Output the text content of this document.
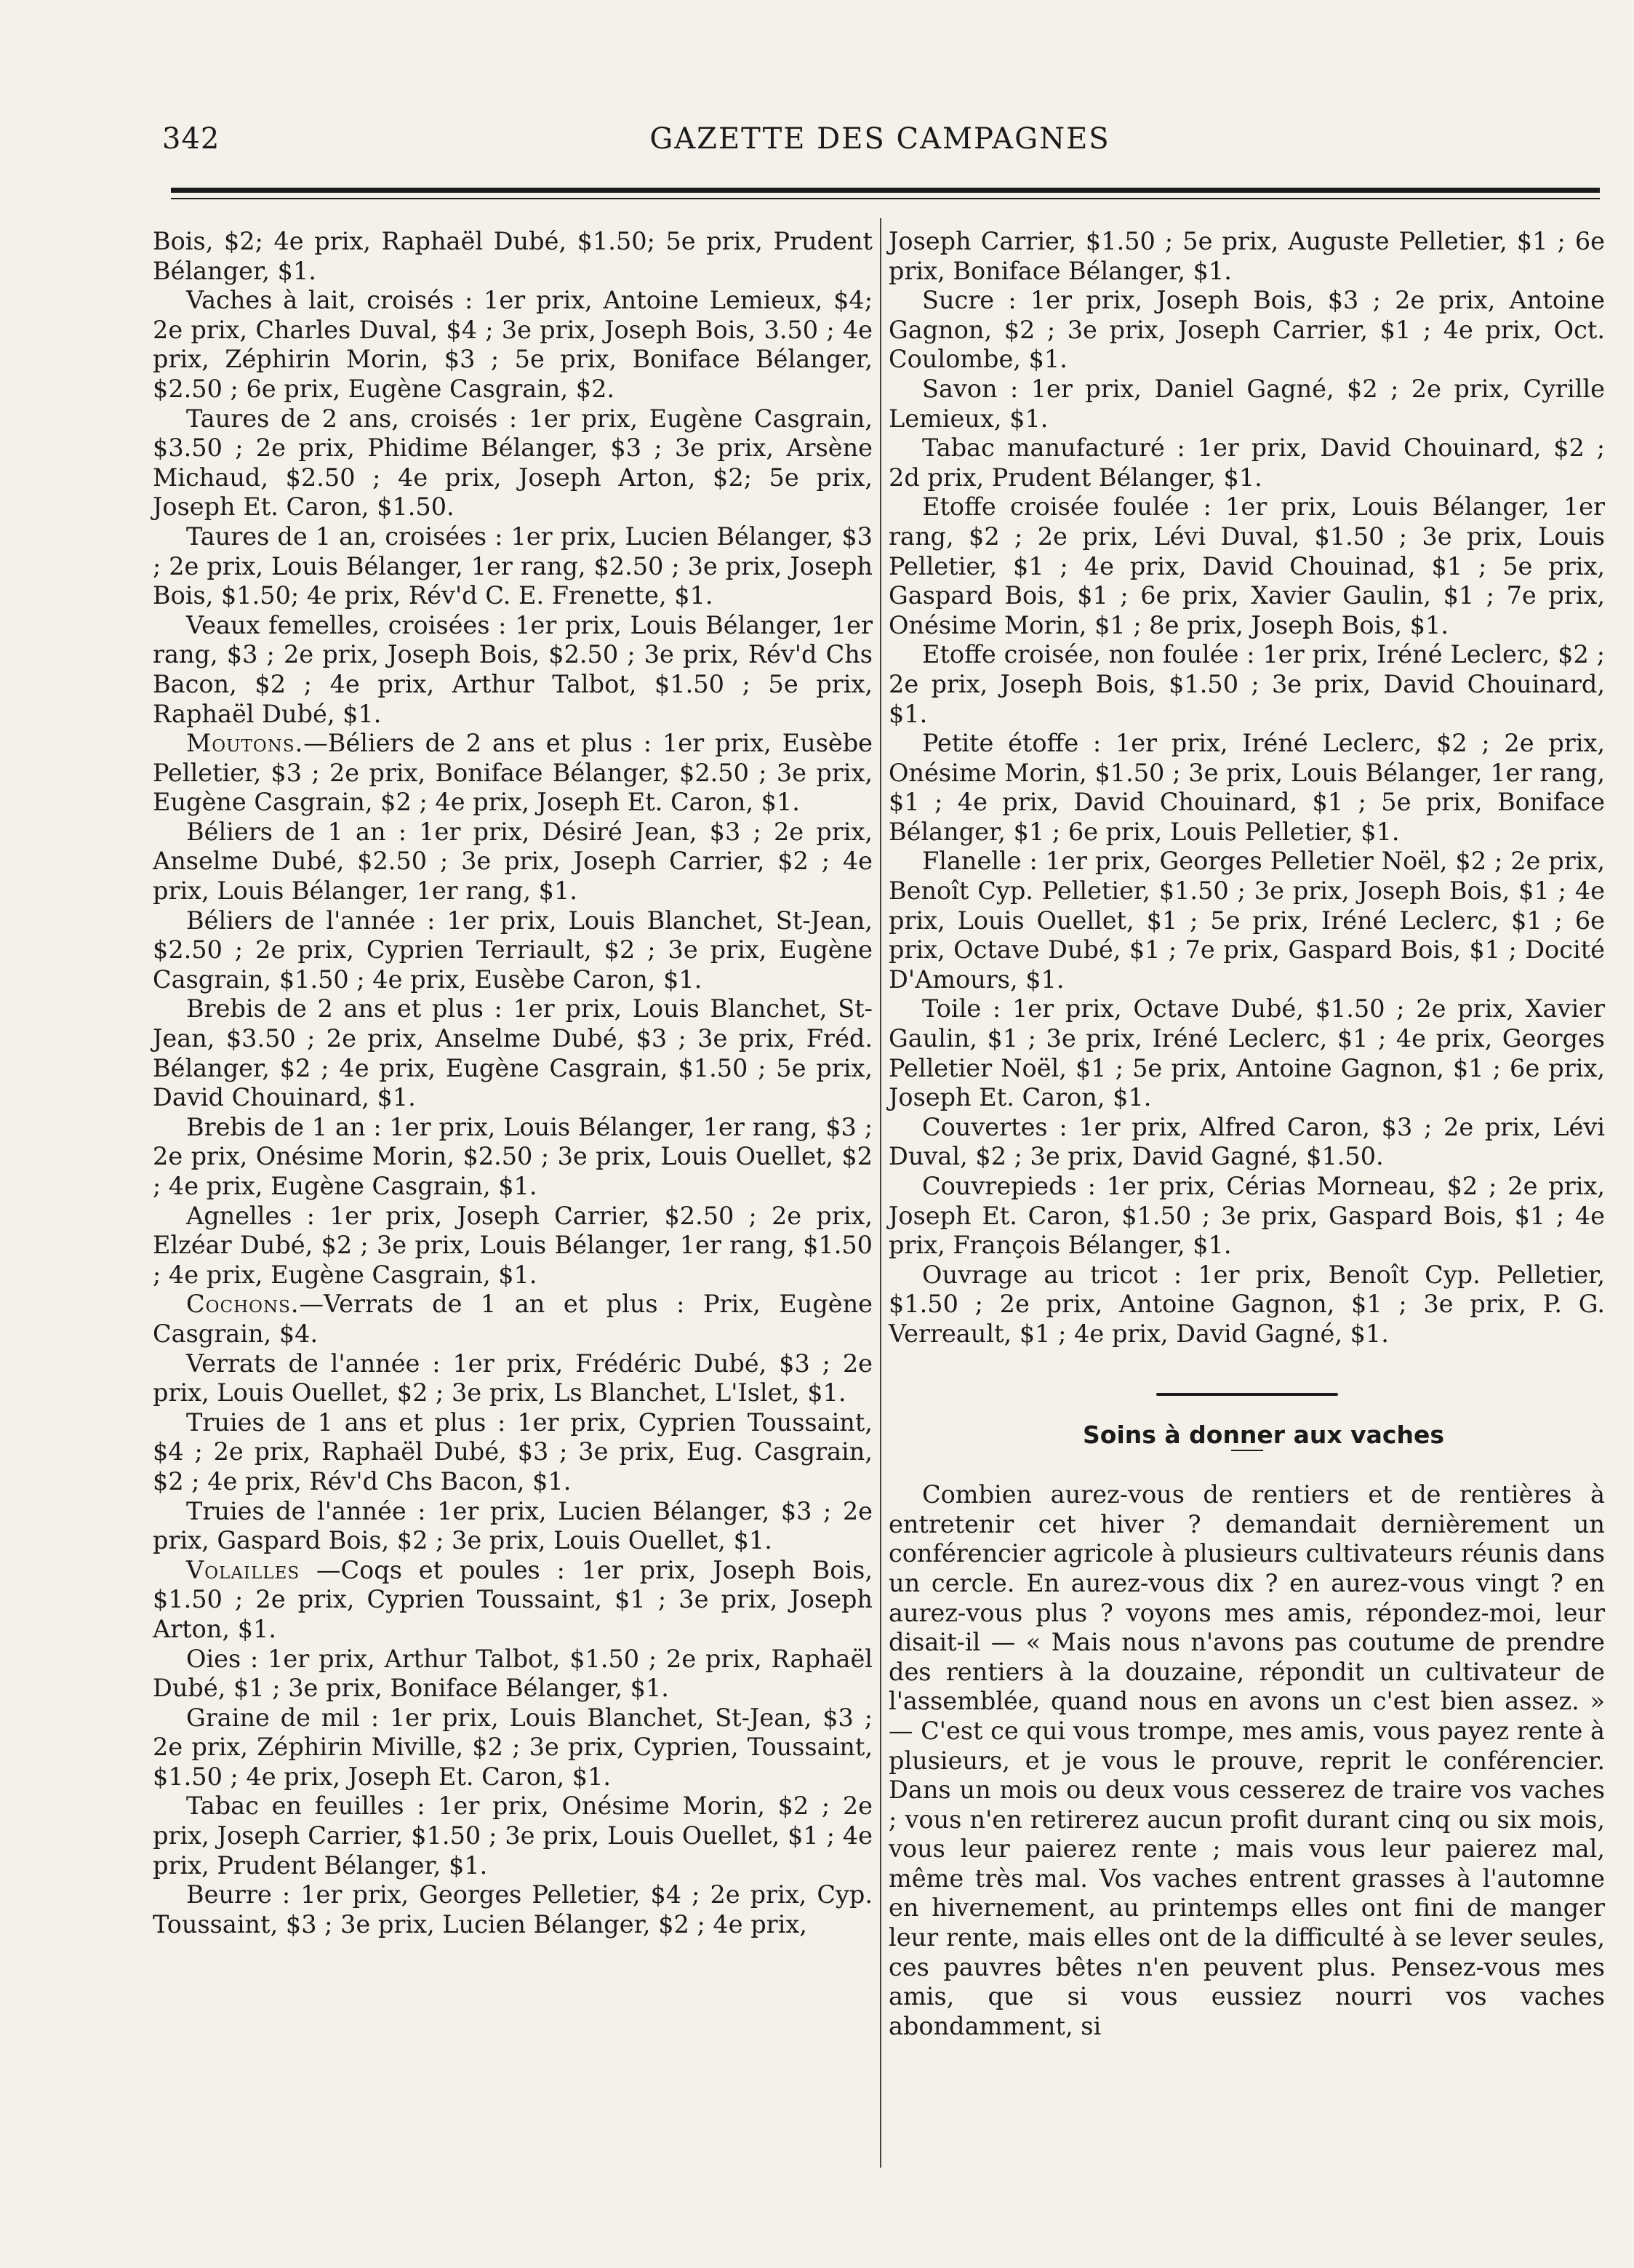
342	GAZETTE DES CAMPAGNES

Bois, $2; 4e prix, Raphaël Dubé, $1.50; 5e prix, Prudent Bélanger, $1.

Vaches à lait, croisés : 1er prix, Antoine Lemieux, $4; 2e prix, Charles Duval, $4 ; 3e prix, Joseph Bois, 3.50 ; 4e prix, Zéphirin Morin, $3 ; 5e prix, Boniface Bélanger, $2.50 ; 6e prix, Eugène Casgrain, $2.

Taures de 2 ans, croisés : 1er prix, Eugène Casgrain, $3.50 ; 2e prix, Phidime Bélanger, $3 ; 3e prix, Arsène Michaud, $2.50 ; 4e prix, Joseph Arton, $2; 5e prix, Joseph Et. Caron, $1.50.

Taures de 1 an, croisées : 1er prix, Lucien Bélanger, $3 ; 2e prix, Louis Bélanger, 1er rang, $2.50 ; 3e prix, Joseph Bois, $1.50; 4e prix, Rév'd C. E. Frenette, $1.

Veaux femelles, croisées : 1er prix, Louis Bélanger, 1er rang, $3 ; 2e prix, Joseph Bois, $2.50 ; 3e prix, Rév'd Chs Bacon, $2 ; 4e prix, Arthur Talbot, $1.50 ; 5e prix, Raphaël Dubé, $1.

Moutons.—Béliers de 2 ans et plus : 1er prix, Eusèbe Pelletier, $3 ; 2e prix, Boniface Bélanger, $2.50 ; 3e prix, Eugène Casgrain, $2 ; 4e prix, Joseph Et. Caron, $1.

Béliers de 1 an : 1er prix, Désiré Jean, $3 ; 2e prix, Anselme Dubé, $2.50 ; 3e prix, Joseph Carrier, $2 ; 4e prix, Louis Bélanger, 1er rang, $1.

Béliers de l'année : 1er prix, Louis Blanchet, St-Jean, $2.50 ; 2e prix, Cyprien Terriault, $2 ; 3e prix, Eugène Casgrain, $1.50 ; 4e prix, Eusèbe Caron, $1.

Brebis de 2 ans et plus : 1er prix, Louis Blanchet, St-Jean, $3.50 ; 2e prix, Anselme Dubé, $3 ; 3e prix, Fréd. Bélanger, $2 ; 4e prix, Eugène Casgrain, $1.50 ; 5e prix, David Chouinard, $1.

Brebis de 1 an : 1er prix, Louis Bélanger, 1er rang, $3 ; 2e prix, Onésime Morin, $2.50 ; 3e prix, Louis Ouellet, $2 ; 4e prix, Eugène Casgrain, $1.

Agnelles : 1er prix, Joseph Carrier, $2.50 ; 2e prix, Elzéar Dubé, $2 ; 3e prix, Louis Bélanger, 1er rang, $1.50 ; 4e prix, Eugène Casgrain, $1.

Cochons.—Verrats de 1 an et plus : Prix, Eugène Casgrain, $4.

Verrats de l'année : 1er prix, Frédéric Dubé, $3 ; 2e prix, Louis Ouellet, $2 ; 3e prix, Ls Blanchet, L'Islet, $1.

Truies de 1 ans et plus : 1er prix, Cyprien Toussaint, $4 ; 2e prix, Raphaël Dubé, $3 ; 3e prix, Eug. Casgrain, $2 ; 4e prix, Rév'd Chs Bacon, $1.

Truies de l'année : 1er prix, Lucien Bélanger, $3 ; 2e prix, Gaspard Bois, $2 ; 3e prix, Louis Ouellet, $1.

Volailles —Coqs et poules : 1er prix, Joseph Bois, $1.50 ; 2e prix, Cyprien Toussaint, $1 ; 3e prix, Joseph Arton, $1.

Oies : 1er prix, Arthur Talbot, $1.50 ; 2e prix, Raphaël Dubé, $1 ; 3e prix, Boniface Bélanger, $1.

Graine de mil : 1er prix, Louis Blanchet, St-Jean, $3 ; 2e prix, Zéphirin Miville, $2 ; 3e prix, Cyprien, Toussaint, $1.50 ; 4e prix, Joseph Et. Caron, $1.

Tabac en feuilles : 1er prix, Onésime Morin, $2 ; 2e prix, Joseph Carrier, $1.50 ; 3e prix, Louis Ouellet, $1 ; 4e prix, Prudent Bélanger, $1.

Beurre : 1er prix, Georges Pelletier, $4 ; 2e prix, Cyp. Toussaint, $3 ; 3e prix, Lucien Bélanger, $2 ; 4e prix,

Joseph Carrier, $1.50 ; 5e prix, Auguste Pelletier, $1 ; 6e prix, Boniface Bélanger, $1.

Sucre : 1er prix, Joseph Bois, $3 ; 2e prix, Antoine Gagnon, $2 ; 3e prix, Joseph Carrier, $1 ; 4e prix, Oct. Coulombe, $1.

Savon : 1er prix, Daniel Gagné, $2 ; 2e prix, Cyrille Lemieux, $1.

Tabac manufacturé : 1er prix, David Chouinard, $2 ; 2d prix, Prudent Bélanger, $1.

Etoffe croisée foulée : 1er prix, Louis Bélanger, 1er rang, $2 ; 2e prix, Lévi Duval, $1.50 ; 3e prix, Louis Pelletier, $1 ; 4e prix, David Chouinad, $1 ; 5e prix, Gaspard Bois, $1 ; 6e prix, Xavier Gaulin, $1 ; 7e prix, Onésime Morin, $1 ; 8e prix, Joseph Bois, $1.

Etoffe croisée, non foulée : 1er prix, Iréné Leclerc, $2 ; 2e prix, Joseph Bois, $1.50 ; 3e prix, David Chouinard, $1.

Petite étoffe : 1er prix, Iréné Leclerc, $2 ; 2e prix, Onésime Morin, $1.50 ; 3e prix, Louis Bélanger, 1er rang, $1 ; 4e prix, David Chouinard, $1 ; 5e prix, Boniface Bélanger, $1 ; 6e prix, Louis Pelletier, $1.

Flanelle : 1er prix, Georges Pelletier Noël, $2 ; 2e prix, Benoît Cyp. Pelletier, $1.50 ; 3e prix, Joseph Bois, $1 ; 4e prix, Louis Ouellet, $1 ; 5e prix, Iréné Leclerc, $1 ; 6e prix, Octave Dubé, $1 ; 7e prix, Gaspard Bois, $1 ; Docité D'Amours, $1.

Toile : 1er prix, Octave Dubé, $1.50 ; 2e prix, Xavier Gaulin, $1 ; 3e prix, Iréné Leclerc, $1 ; 4e prix, Georges Pelletier Noël, $1 ; 5e prix, Antoine Gagnon, $1 ; 6e prix, Joseph Et. Caron, $1.

Couvertes : 1er prix, Alfred Caron, $3 ; 2e prix, Lévi Duval, $2 ; 3e prix, David Gagné, $1.50.

Couvrepieds : 1er prix, Cérias Morneau, $2 ; 2e prix, Joseph Et. Caron, $1.50 ; 3e prix, Gaspard Bois, $1 ; 4e prix, François Bélanger, $1.

Ouvrage au tricot : 1er prix, Benoît Cyp. Pelletier, $1.50 ; 2e prix, Antoine Gagnon, $1 ; 3e prix, P. G. Verreault, $1 ; 4e prix, David Gagné, $1.

Soins à donner aux vaches

Combien aurez-vous de rentiers et de rentières à entretenir cet hiver ? demandait dernièrement un conférencier agricole à plusieurs cultivateurs réunis dans un cercle. En aurez-vous dix ? en aurez-vous vingt ? en aurez-vous plus ? voyons mes amis, répondez-moi, leur disait-il — « Mais nous n'avons pas coutume de prendre des rentiers à la douzaine, répondit un cultivateur de l'assemblée, quand nous en avons un c'est bien assez. » — C'est ce qui vous trompe, mes amis, vous payez rente à plusieurs, et je vous le prouve, reprit le conférencier. Dans un mois ou deux vous cesserez de traire vos vaches ; vous n'en retirerez aucun profit durant cinq ou six mois, vous leur paierez rente ; mais vous leur paierez mal, même très mal. Vos vaches entrent grasses à l'automne en hivernement, au printemps elles ont fini de manger leur rente, mais elles ont de la difficulté à se lever seules, ces pauvres bêtes n'en peuvent plus. Pensez-vous mes amis, que si vous eussiez nourri vos vaches abondamment, si
